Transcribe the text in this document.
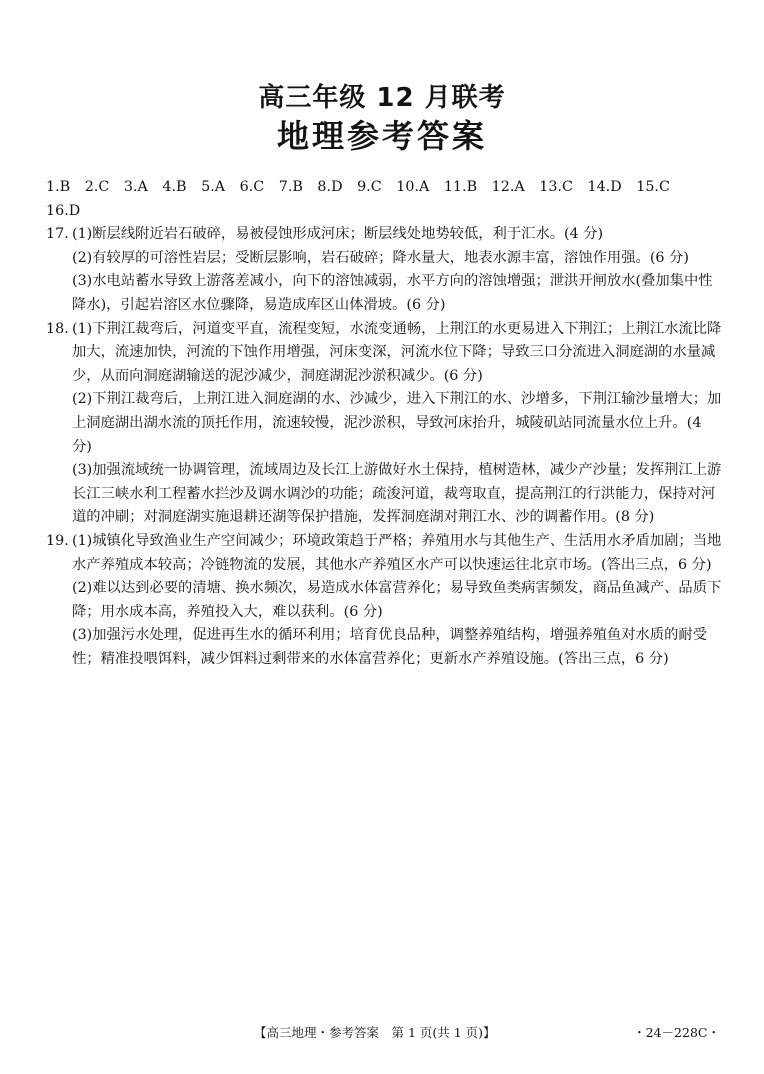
高三年级 12 月联考
地理参考答案
1.B 2.C 3.A 4.B 5.A 6.C 7.B 8.D 9.C 10.A 11.B 12.A 13.C 14.D 15.C 16.D
17. (1)断层线附近岩石破碎，易被侵蚀形成河床；断层线处地势较低，利于汇水。(4 分)

(2)有较厚的可溶性岩层；受断层影响，岩石破碎；降水量大，地表水源丰富，溶蚀作用强。(6 分)

(3)水电站蓄水导致上游落差减小，向下的溶蚀减弱，水平方向的溶蚀增强；泄洪开闸放水(叠加集中性降水)，引起岩溶区水位骤降，易造成库区山体滑坡。(6 分)

18. (1)下荆江裁弯后，河道变平直，流程变短，水流变通畅，上荆江的水更易进入下荆江；上荆江水流比降加大，流速加快，河流的下蚀作用增强，河床变深，河流水位下降；导致三口分流进入洞庭湖的水量减少，从而向洞庭湖输送的泥沙减少，洞庭湖泥沙淤积减少。(6 分)

(2)下荆江裁弯后，上荆江进入洞庭湖的水、沙减少，进入下荆江的水、沙增多，下荆江输沙量增大；加上洞庭湖出湖水流的顶托作用，流速较慢，泥沙淤积，导致河床抬升，城陵矶站同流量水位上升。(4 分)

(3)加强流域统一协调管理，流域周边及长江上游做好水土保持，植树造林，减少产沙量；发挥荆江上游长江三峡水利工程蓄水拦沙及调水调沙的功能；疏浚河道，裁弯取直，提高荆江的行洪能力，保持对河道的冲刷；对洞庭湖实施退耕还湖等保护措施，发挥洞庭湖对荆江水、沙的调蓄作用。(8 分)

19. (1)城镇化导致渔业生产空间减少；环境政策趋于严格；养殖用水与其他生产、生活用水矛盾加剧；当地水产养殖成本较高；冷链物流的发展，其他水产养殖区水产可以快速运往北京市场。(答出三点，6 分)

(2)难以达到必要的清塘、换水频次，易造成水体富营养化；易导致鱼类病害频发，商品鱼减产、品质下降；用水成本高，养殖投入大，难以获利。(6 分)

(3)加强污水处理，促进再生水的循环利用；培育优良品种，调整养殖结构，增强养殖鱼对水质的耐受性；精准投喂饵料，减少饵料过剩带来的水体富营养化；更新水产养殖设施。(答出三点，6 分)

【高三地理・参考答案　第 1 页(共 1 页)】	・24－228C・
